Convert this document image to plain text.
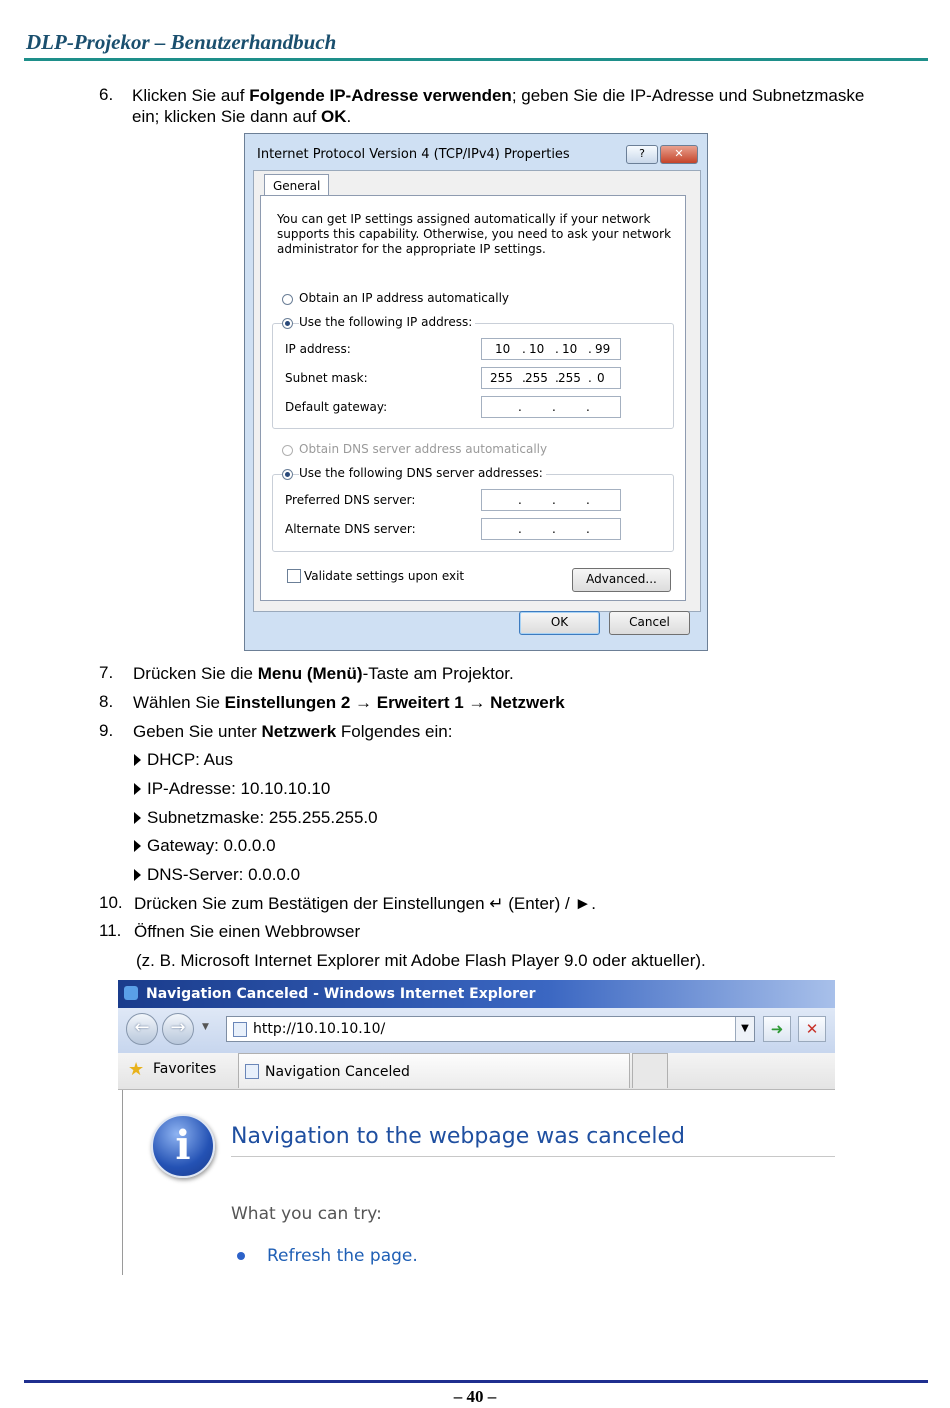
DLP-Projekor – Benutzerhandbuch
6. Klicken Sie auf Folgende IP-Adresse verwenden; geben Sie die IP-Adresse und Subnetzmaske
ein; klicken Sie dann auf OK.
Internet Protocol Version 4 (TCP/IPv4) Properties	?	✕
General
You can get IP settings assigned automatically if your network supports this capability. Otherwise, you need to ask your network administrator for the appropriate IP settings.
Obtain an IP address automatically
Use the following IP address:
IP address:	10 . 10 . 10 . 99
Subnet mask:	255 . 255 . 255 . 0
Default gateway:	.	.	.
Obtain DNS server address automatically
Use the following DNS server addresses:
Preferred DNS server:	.	.	.
Alternate DNS server:	.	.	.
Validate settings upon exit	Advanced...
OK	Cancel
7. Drücken Sie die Menu (Menü)-Taste am Projektor.
8. Wählen Sie Einstellungen 2 → Erweitert 1 → Netzwerk
9. Geben Sie unter Netzwerk Folgendes ein:
DHCP: Aus
IP-Adresse: 10.10.10.10
Subnetzmaske: 255.255.255.0
Gateway: 0.0.0.0
DNS-Server: 0.0.0.0
10. Drücken Sie zum Bestätigen der Einstellungen ↵ (Enter) / ►.
11. Öffnen Sie einen Webbrowser
(z. B. Microsoft Internet Explorer mit Adobe Flash Player 9.0 oder aktueller).
Navigation Canceled - Windows Internet Explorer
←	→	▼	http://10.10.10.10/	▼	➜	✕
★ Favorites	Navigation Canceled
i	Navigation to the webpage was canceled
What you can try:
Refresh the page.
– 40 –
